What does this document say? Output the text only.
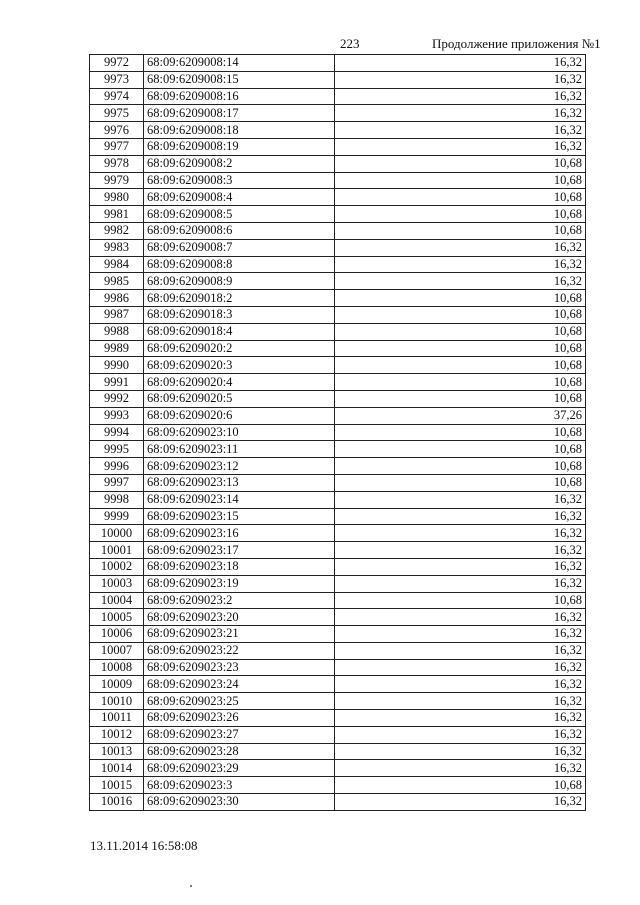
223	Продолжение приложения №1
9972	68:09:6209008:14	16,32
9973	68:09:6209008:15	16,32
9974	68:09:6209008:16	16,32
9975	68:09:6209008:17	16,32
9976	68:09:6209008:18	16,32
9977	68:09:6209008:19	16,32
9978	68:09:6209008:2	10,68
9979	68:09:6209008:3	10,68
9980	68:09:6209008:4	10,68
9981	68:09:6209008:5	10,68
9982	68:09:6209008:6	10,68
9983	68:09:6209008:7	16,32
9984	68:09:6209008:8	16,32
9985	68:09:6209008:9	16,32
9986	68:09:6209018:2	10,68
9987	68:09:6209018:3	10,68
9988	68:09:6209018:4	10,68
9989	68:09:6209020:2	10,68
9990	68:09:6209020:3	10,68
9991	68:09:6209020:4	10,68
9992	68:09:6209020:5	10,68
9993	68:09:6209020:6	37,26
9994	68:09:6209023:10	10,68
9995	68:09:6209023:11	10,68
9996	68:09:6209023:12	10,68
9997	68:09:6209023:13	10,68
9998	68:09:6209023:14	16,32
9999	68:09:6209023:15	16,32
10000	68:09:6209023:16	16,32
10001	68:09:6209023:17	16,32
10002	68:09:6209023:18	16,32
10003	68:09:6209023:19	16,32
10004	68:09:6209023:2	10,68
10005	68:09:6209023:20	16,32
10006	68:09:6209023:21	16,32
10007	68:09:6209023:22	16,32
10008	68:09:6209023:23	16,32
10009	68:09:6209023:24	16,32
10010	68:09:6209023:25	16,32
10011	68:09:6209023:26	16,32
10012	68:09:6209023:27	16,32
10013	68:09:6209023:28	16,32
10014	68:09:6209023:29	16,32
10015	68:09:6209023:3	10,68
10016	68:09:6209023:30	16,32
13.11.2014 16:58:08
